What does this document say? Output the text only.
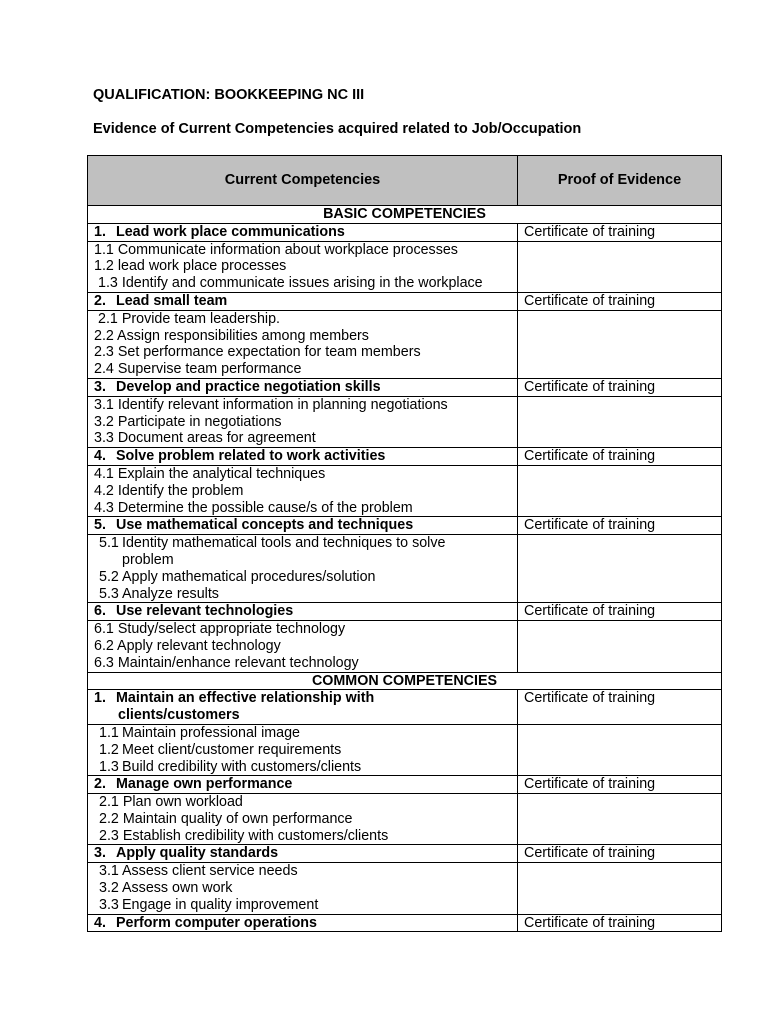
QUALIFICATION: BOOKKEEPING NC III
Evidence of Current Competencies acquired related to Job/Occupation
Current Competencies	Proof of Evidence
BASIC COMPETENCIES	
1. Lead work place communications	Certificate of training

1.1 Communicate information about workplace processes
1.2 lead work place processes
1.3 Identify and communicate issues arising in the workplace	

2. Lead small team	Certificate of training

2.1 Provide team leadership.
2.2 Assign responsibilities among members
2.3 Set performance expectation for team members
2.4 Supervise team performance	

3. Develop and practice negotiation skills	Certificate of training

3.1 Identify relevant information in planning negotiations
3.2 Participate in negotiations
3.3 Document areas for agreement	

4. Solve problem related to work activities	Certificate of training

4.1 Explain the analytical techniques
4.2 Identify the problem
4.3 Determine the possible cause/s of the problem	

5. Use mathematical concepts and techniques	Certificate of training

5.1 Identity mathematical tools and techniques to solve
problem
5.2 Apply mathematical procedures/solution
5.3 Analyze results	

6. Use relevant technologies	Certificate of training

6.1 Study/select appropriate technology
6.2 Apply relevant technology
6.3 Maintain/enhance relevant technology	

COMMON COMPETENCIES	
1. Maintain an effective relationship with
clients/customers	Certificate of training

1.1 Maintain professional image
1.2 Meet client/customer requirements
1.3 Build credibility with customers/clients	

2. Manage own performance	Certificate of training

2.1 Plan own workload
2.2 Maintain quality of own performance
2.3 Establish credibility with customers/clients	

3. Apply quality standards	Certificate of training

3.1 Assess client service needs
3.2 Assess own work
3.3 Engage in quality improvement	

4. Perform computer operations	Certificate of training
